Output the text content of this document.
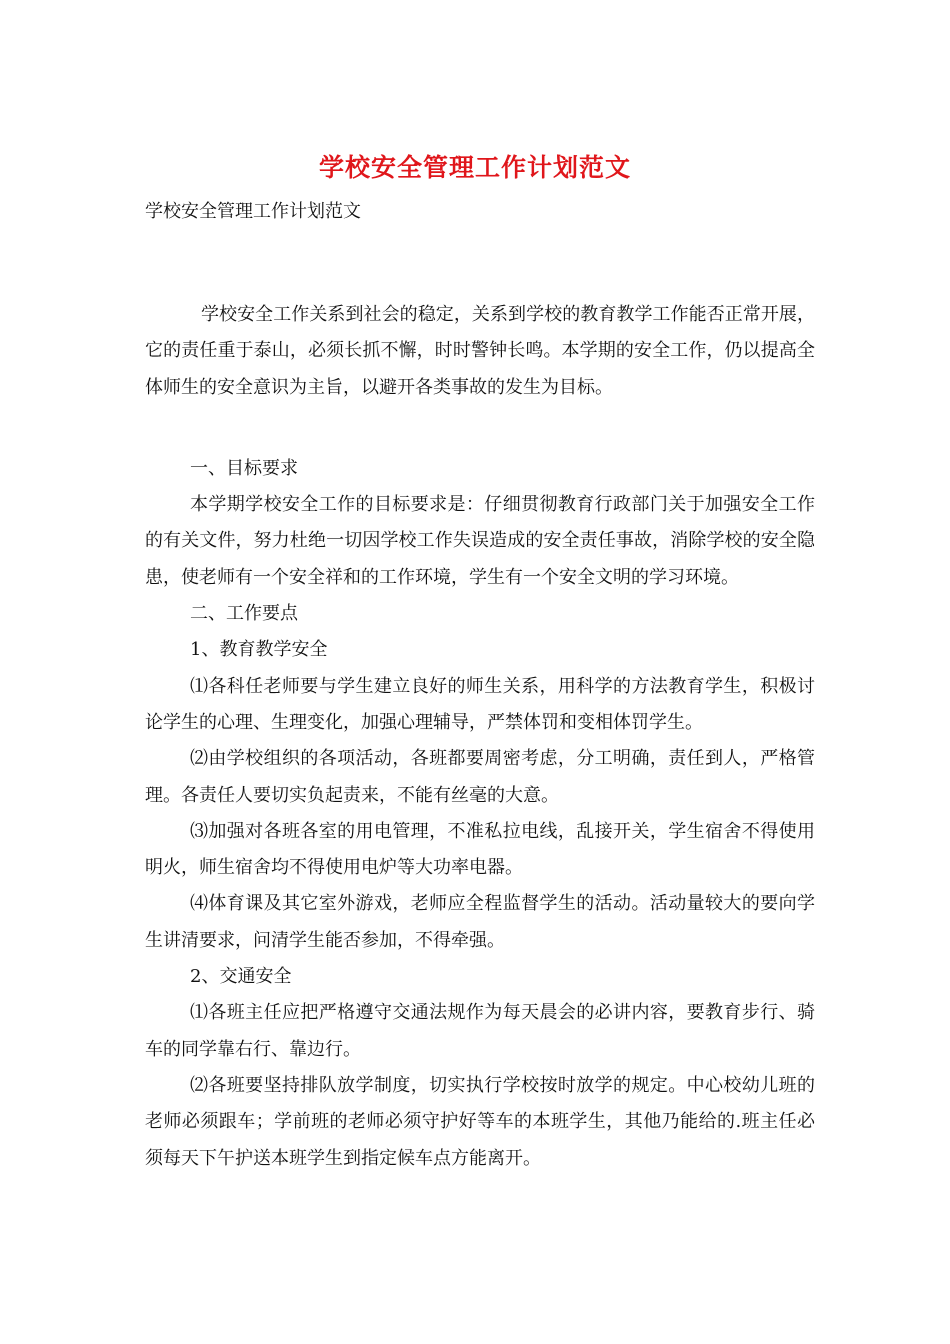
学校安全管理工作计划范文
学校安全管理工作计划范文

学校安全工作关系到社会的稳定，关系到学校的教育教学工作能否正常开展，它的责任重于泰山，必须长抓不懈，时时警钟长鸣。本学期的安全工作，仍以提高全体师生的安全意识为主旨，以避开各类事故的发生为目标。

一、目标要求

本学期学校安全工作的目标要求是：仔细贯彻教育行政部门关于加强安全工作的有关文件，努力杜绝一切因学校工作失误造成的安全责任事故，消除学校的安全隐患，使老师有一个安全祥和的工作环境，学生有一个安全文明的学习环境。

二、工作要点

1、教育教学安全

⑴各科任老师要与学生建立良好的师生关系，用科学的方法教育学生，积极讨论学生的心理、生理变化，加强心理辅导，严禁体罚和变相体罚学生。

⑵由学校组织的各项活动，各班都要周密考虑，分工明确，责任到人，严格管理。各责任人要切实负起责来，不能有丝毫的大意。

⑶加强对各班各室的用电管理，不准私拉电线，乱接开关，学生宿舍不得使用明火，师生宿舍均不得使用电炉等大功率电器。

⑷体育课及其它室外游戏，老师应全程监督学生的活动。活动量较大的要向学生讲清要求，问清学生能否参加，不得牵强。

2、交通安全

⑴各班主任应把严格遵守交通法规作为每天晨会的必讲内容，要教育步行、骑车的同学靠右行、靠边行。

⑵各班要坚持排队放学制度，切实执行学校按时放学的规定。中心校幼儿班的老师必须跟车；学前班的老师必须守护好等车的本班学生，其他乃能给的.班主任必须每天下午护送本班学生到指定候车点方能离开。
